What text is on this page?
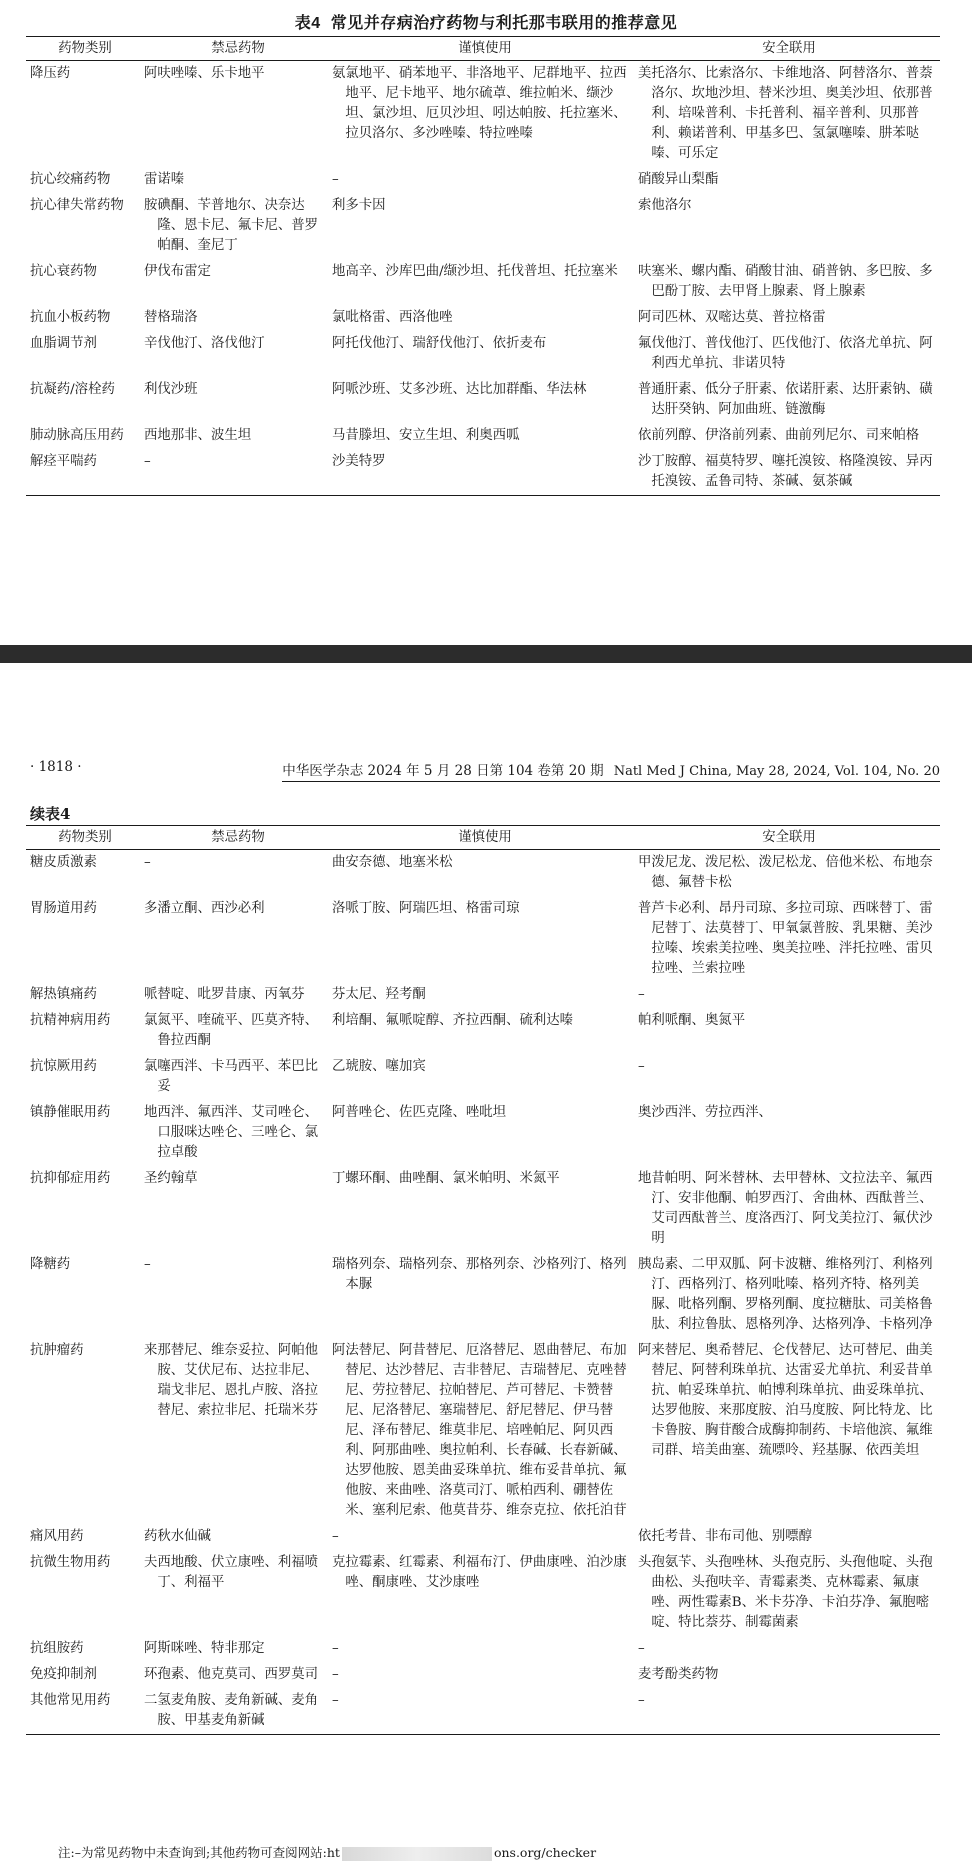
表4 常见并存病治疗药物与利托那韦联用的推荐意见
药物类别	禁忌药物	谨慎使用	安全联用

降压药	阿呋唑嗪、乐卡地平	氨氯地平、硝苯地平、非洛地平、尼群地平、拉西地平、尼卡地平、地尔硫䓬、维拉帕米、缬沙坦、氯沙坦、厄贝沙坦、吲达帕胺、托拉塞米、拉贝洛尔、多沙唑嗪、特拉唑嗪	美托洛尔、比索洛尔、卡维地洛、阿替洛尔、普萘洛尔、坎地沙坦、替米沙坦、奥美沙坦、依那普利、培哚普利、卡托普利、福辛普利、贝那普利、赖诺普利、甲基多巴、氢氯噻嗪、肼苯哒嗪、可乐定

抗心绞痛药物	雷诺嗪	–	硝酸异山梨酯

抗心律失常药物	胺碘酮、苄普地尔、决奈达隆、恩卡尼、氟卡尼、普罗帕酮、奎尼丁	利多卡因	索他洛尔

抗心衰药物	伊伐布雷定	地高辛、沙库巴曲/缬沙坦、托伐普坦、托拉塞米	呋塞米、螺内酯、硝酸甘油、硝普钠、多巴胺、多巴酚丁胺、去甲肾上腺素、肾上腺素

抗血小板药物	替格瑞洛	氯吡格雷、西洛他唑	阿司匹林、双嘧达莫、普拉格雷

血脂调节剂	辛伐他汀、洛伐他汀	阿托伐他汀、瑞舒伐他汀、依折麦布	氟伐他汀、普伐他汀、匹伐他汀、依洛尤单抗、阿利西尤单抗、非诺贝特

抗凝药/溶栓药	利伐沙班	阿哌沙班、艾多沙班、达比加群酯、华法林	普通肝素、低分子肝素、依诺肝素、达肝素钠、磺达肝癸钠、阿加曲班、链激酶

肺动脉高压用药	西地那非、波生坦	马昔滕坦、安立生坦、利奥西呱	依前列醇、伊洛前列素、曲前列尼尔、司来帕格

解痉平喘药	–	沙美特罗	沙丁胺醇、福莫特罗、噻托溴铵、格隆溴铵、异丙托溴铵、孟鲁司特、茶碱、氨茶碱
· 1818 ·	中华医学杂志 2024 年 5 月 28 日第 104 卷第 20 期 Natl Med J China, May 28, 2024, Vol. 104, No. 20
续表4
药物类别	禁忌药物	谨慎使用	安全联用

糖皮质激素	–	曲安奈德、地塞米松	甲泼尼龙、泼尼松、泼尼松龙、倍他米松、布地奈德、氟替卡松

胃肠道用药	多潘立酮、西沙必利	洛哌丁胺、阿瑞匹坦、格雷司琼	普芦卡必利、昂丹司琼、多拉司琼、西咪替丁、雷尼替丁、法莫替丁、甲氧氯普胺、乳果糖、美沙拉嗪、埃索美拉唑、奥美拉唑、泮托拉唑、雷贝拉唑、兰索拉唑

解热镇痛药	哌替啶、吡罗昔康、丙氧芬	芬太尼、羟考酮	–

抗精神病用药	氯氮平、喹硫平、匹莫齐特、鲁拉西酮	利培酮、氟哌啶醇、齐拉西酮、硫利达嗪	帕利哌酮、奥氮平

抗惊厥用药	氯噻西泮、卡马西平、苯巴比妥	乙琥胺、噻加宾	–

镇静催眠用药	地西泮、氟西泮、艾司唑仑、口服咪达唑仑、三唑仑、氯拉卓酸	阿普唑仑、佐匹克隆、唑吡坦	奥沙西泮、劳拉西泮、

抗抑郁症用药	圣约翰草	丁螺环酮、曲唑酮、氯米帕明、米氮平	地昔帕明、阿米替林、去甲替林、文拉法辛、氟西汀、安非他酮、帕罗西汀、舍曲林、西酞普兰、艾司西酞普兰、度洛西汀、阿戈美拉汀、氟伏沙明

降糖药	–	瑞格列奈、瑞格列奈、那格列奈、沙格列汀、格列本脲	胰岛素、二甲双胍、阿卡波糖、维格列汀、利格列汀、西格列汀、格列吡嗪、格列齐特、格列美脲、吡格列酮、罗格列酮、度拉糖肽、司美格鲁肽、利拉鲁肽、恩格列净、达格列净、卡格列净

抗肿瘤药	来那替尼、维奈妥拉、阿帕他胺、艾伏尼布、达拉非尼、瑞戈非尼、恩扎卢胺、洛拉替尼、索拉非尼、托瑞米芬	阿法替尼、阿昔替尼、厄洛替尼、恩曲替尼、布加替尼、达沙替尼、吉非替尼、吉瑞替尼、克唑替尼、劳拉替尼、拉帕替尼、芦可替尼、卡赞替尼、尼洛替尼、塞瑞替尼、舒尼替尼、伊马替尼、泽布替尼、维莫非尼、培唑帕尼、阿贝西利、阿那曲唑、奥拉帕利、长春碱、长春新碱、达罗他胺、恩美曲妥珠单抗、维布妥昔单抗、氟他胺、来曲唑、洛莫司汀、哌柏西利、硼替佐米、塞利尼索、他莫昔芬、维奈克拉、依托泊苷	阿来替尼、奥希替尼、仑伐替尼、达可替尼、曲美替尼、阿替利珠单抗、达雷妥尤单抗、利妥昔单抗、帕妥珠单抗、帕博利珠单抗、曲妥珠单抗、达罗他胺、来那度胺、泊马度胺、阿比特龙、比卡鲁胺、胸苷酸合成酶抑制药、卡培他滨、氟维司群、培美曲塞、巯嘌呤、羟基脲、依西美坦

痛风用药	药秋水仙碱	–	依托考昔、非布司他、别嘌醇

抗微生物用药	夫西地酸、伏立康唑、利福喷丁、利福平	克拉霉素、红霉素、利福布汀、伊曲康唑、泊沙康唑、酮康唑、艾沙康唑	头孢氨苄、头孢唑林、头孢克肟、头孢他啶、头孢曲松、头孢呋辛、青霉素类、克林霉素、氟康唑、两性霉素B、米卡芬净、卡泊芬净、氟胞嘧啶、特比萘芬、制霉菌素

抗组胺药	阿斯咪唑、特非那定	–	–

免疫抑制剂	环孢素、他克莫司、西罗莫司	–	麦考酚类药物

其他常见用药	二氢麦角胺、麦角新碱、麦角胺、甲基麦角新碱	–	–
注:–为常见药物中未查询到;其他药物可查阅网站:ht	ons.org/checker
